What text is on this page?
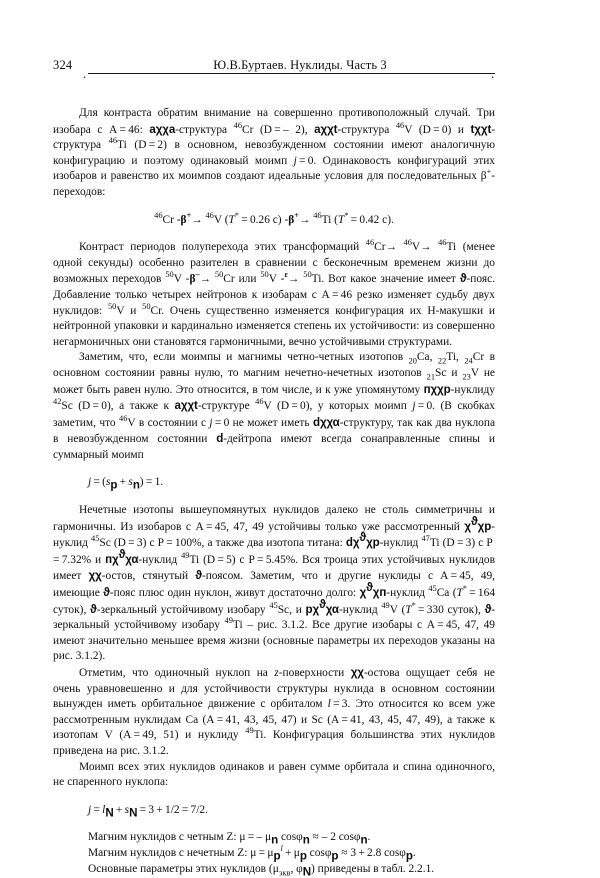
324
.	.
Ю.В.Буртаев. Нуклиды. Часть 3

Для контраста обратим внимание на совершенно противоположный случай. Три изобара с A = 46: aχχa-структура $^{46}$Cr (D = – 2), aχχt-структура $^{46}$V (D = 0) и tχχt-структура $^{46}$Ti (D = 2) в основном, невозбужденном состоянии имеют аналогичную конфигурацию и поэтому одинаковый моимп j = 0. Одинаковость конфигураций этих изобаров и равенство их моимпов создают идеальные условия для последовательных β+-переходов:

$^{46}$Cr -β+→ $^{46}$V (T* = 0.26 с) -β+→ $^{46}$Ti (T* = 0.42 с).

Контраст периодов полуперехода этих трансформаций $^{46}$Cr→ $^{46}$V→ $^{46}$Ti (менее одной секунды) особенно разителен в сравнении с бесконечным временем жизни до возможных переходов $^{50}$V -β–→ $^{50}$Cr или $^{50}$V -$^\varepsilon$→ $^{50}$Ti. Вот какое значение имеет ϑ-пояс. Добавление только четырех нейтронов к изобарам с A = 46 резко изменяет судьбу двух нуклидов: $^{50}$V и $^{50}$Cr. Очень существенно изменяется конфигурация их Н-макушки и нейтронной упаковки и кардинально изменяется степень их устойчивости: из совершенно негармоничных они становятся гармоничными, вечно устойчивыми структурами.

Заметим, что, если моимпы и магнимы четно-четных изотопов $_{20}$Ca, $_{22}$Ti, $_{24}$Cr в основном состоянии равны нулю, то магним нечетно-нечетных изотопов $_{21}$Sc и $_{23}$V не может быть равен нулю. Это относится, в том числе, и к уже упомянутому пχχр-нуклиду $^{42}$Sc (D = 0), а также к aχχt-структуре $^{46}$V (D = 0), у которых моимп j = 0. (В скобках заметим, что $^{46}$V в состоянии с j = 0 не может иметь dχχα-структуру, так как два нуклопа в невозбужденном состоянии d-дейтропа имеют всегда сонаправленные спины и суммарный моимп

$j = (s_p + s_n) = 1$.

Нечетные изотопы вышеупомянутых нуклидов далеко не столь симметричны и гармоничны. Из изобаров с A = 45, 47, 49 устойчивы только уже рассмотренный $\chi^ϑ\chi р$-нуклид $^{45}$Sc (D = 3) с P = 100%, а также два изотопа титана: $d\chi^ϑ\chi р$-нуклид $^{47}$Ti (D = 3) с P = 7.32% и $п\chi^ϑ\chi\alpha$-нуклид $^{49}$Ti (D = 5) с P = 5.45%. Вся троица этих устойчивых нуклидов имеет χχ-остов, стянутый ϑ-поясом. Заметим, что и другие нуклиды с A = 45, 49, имеющие ϑ-пояс плюс один нуклон, живут достаточно долго: $\chi^ϑ\chi п$-нуклид $^{45}$Ca (T* = 164 суток), ϑ-зеркальный устойчивому изобару $^{45}$Sc, и $р\chi^ϑ\chi\alpha$-нуклид $^{49}$V (T* = 330 суток), ϑ-зеркальный устойчивому изобару $^{49}$Ti – рис. 3.1.2. Все другие изобары с A = 45, 47, 49 имеют значительно меньшее время жизни (основные параметры их переходов указаны на рис. 3.1.2).

Отметим, что одиночный нуклоп на z-поверхности χχ-остова ощущает себя не очень уравновешенно и для устойчивости структуры нуклида в основном состоянии вынужден иметь орбитальное движение с орбиталом l = 3. Это относится ко всем уже рассмотренным нуклидам Ca (A = 41, 43, 45, 47) и Sc (A = 41, 43, 45, 47, 49), а также к изотопам V (A = 49, 51) и нуклиду $^{49}$Ti. Конфигурация большинства этих нуклидов приведена на рис. 3.1.2.

Моимп всех этих нуклидов одинаков и равен сумме орбитала и спина одиночного, не спаренного нуклопа:

$j = l_N + s_N = 3 + 1/2 = 7/2$.

Магним нуклидов с четным Z: μ = – $\mu_n$ cosφ$_n$ ≈ – 2 cosφ$_n$.

Магним нуклидов с нечетным Z: $\mu = \mu_p^l + \mu_p$ cosφ$_p$ ≈ 3 + 2.8 cosφ$_p$.

Основные параметры этих нуклидов ($\mu_{экв}$, $\varphi_N$) приведены в табл. 2.2.1.
